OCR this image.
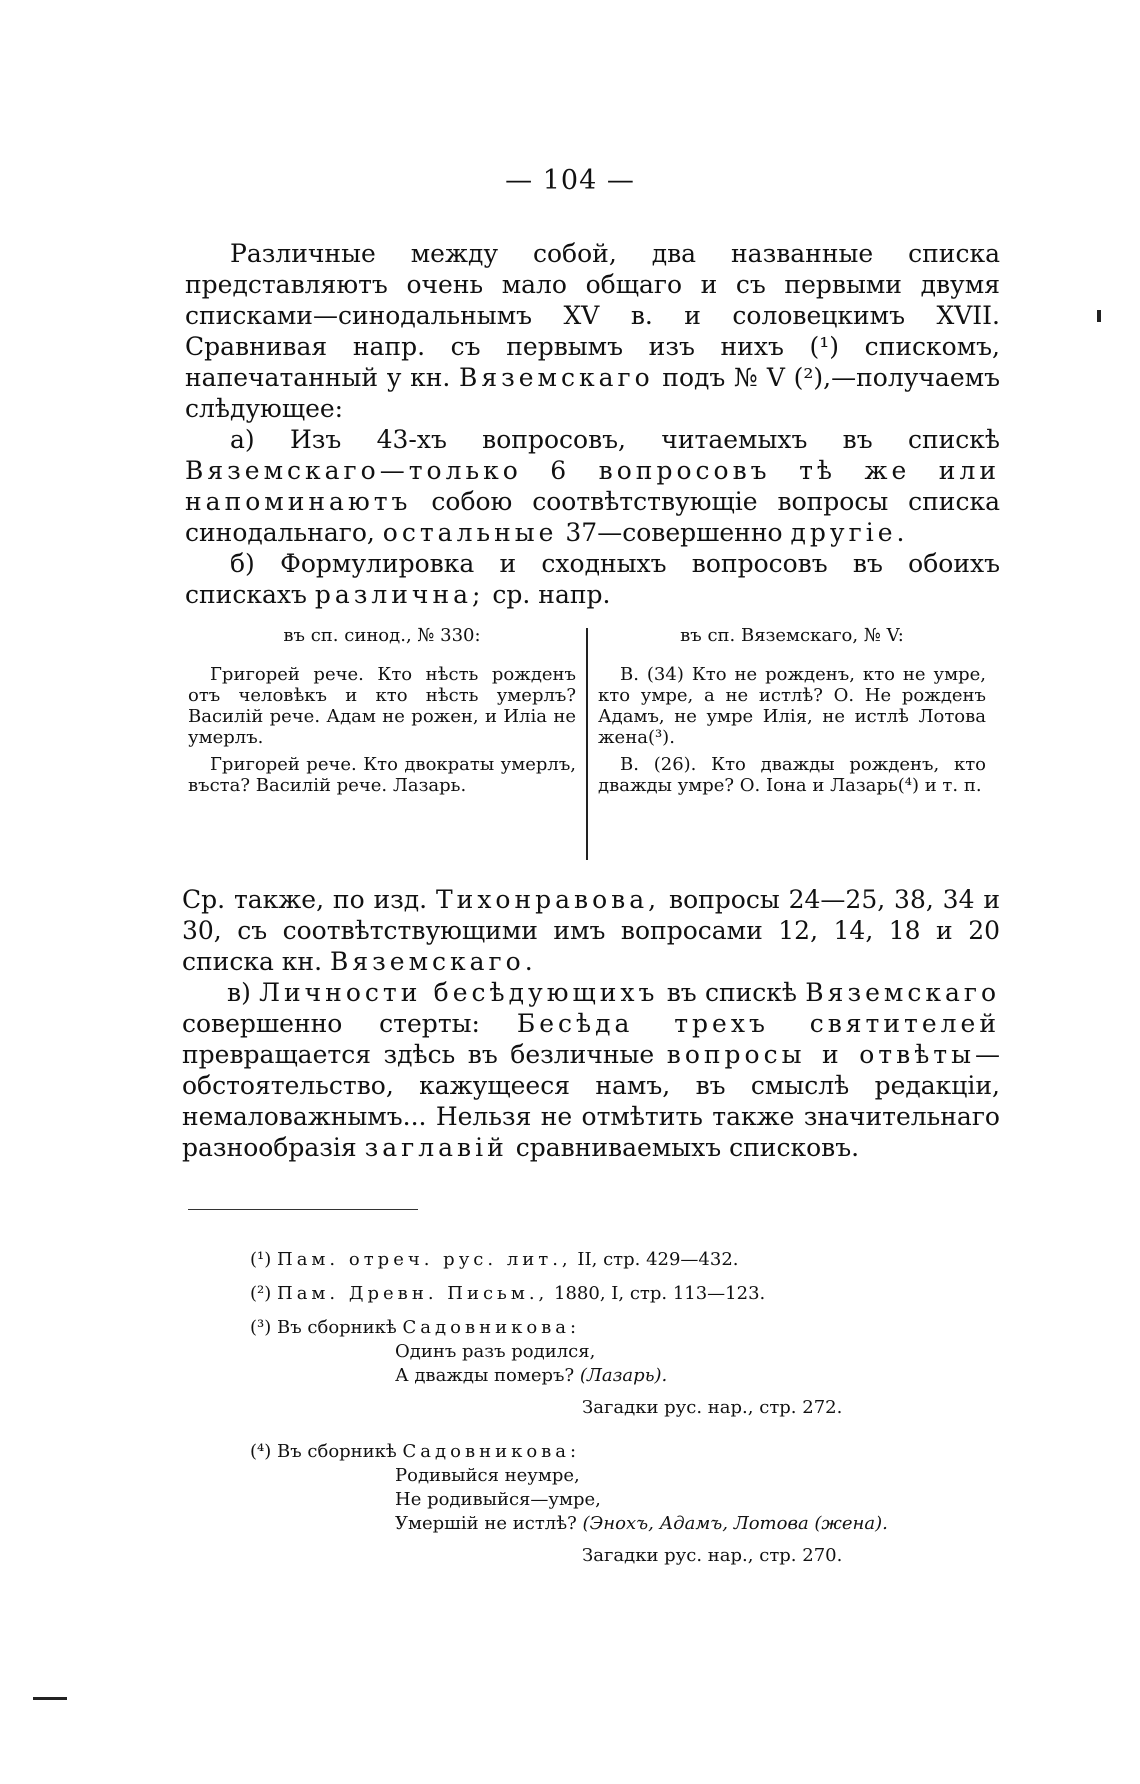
— 104 —

Различные между собой, два названные списка представляютъ очень мало общаго и съ первыми двумя списками—синодальнымъ XV в. и соловецкимъ XVII. Сравнивая напр. съ первымъ изъ нихъ (¹) спискомъ, напечатанный у кн. Вяземскаго подъ № V (²),—получаемъ слѣдующее:

а) Изъ 43-хъ вопросовъ, читаемыхъ въ спискѣ Вяземскаго—только 6 вопросовъ тѣ же или напоминаютъ собою соотвѣтствующіе вопросы списка синодальнаго, остальные 37—совершенно другіе.

б) Формулировка и сходныхъ вопросовъ въ обоихъ спискахъ различна; ср. напр.

въ сп. синод., № 330:

Григорей рече. Кто нѣсть рожденъ отъ человѣкъ и кто нѣсть умерлъ? Василій рече. Адам не рожен, и Иліа не умерлъ.

Григорей рече. Кто двократы умерлъ, въста? Василій рече. Лазарь.

въ сп. Вяземскаго, № V:

В. (34) Кто не рожденъ, кто не умре, кто умре, а не истлѣ? О. Не рожденъ Адамъ, не умре Илія, не истлѣ Лотова жена(³).

В. (26). Кто дважды рожденъ, кто дважды умре? О. Іона и Лазарь(⁴) и т. п.

Ср. также, по изд. Тихонравова, вопросы 24—25, 38, 34 и 30, съ соотвѣтствующими имъ вопросами 12, 14, 18 и 20 списка кн. Вяземскаго.

в) Личности бесѣдующихъ въ спискѣ Вяземскаго совершенно стерты: Бесѣда трехъ святителей превращается здѣсь въ безличные вопросы и отвѣты—обстоятельство, кажущееся намъ, въ смыслѣ редакціи, немаловажнымъ... Нельзя не отмѣтить также значительнаго разнообразія заглавій сравниваемыхъ списковъ.

(¹) Пам. отреч. рус. лит., II, стр. 429—432.
(²) Пам. Древн. Письм., 1880, I, стр. 113—123.
(³) Въ сборникѣ Садовникова:
Одинъ разъ родился,
А дважды померъ? (Лазарь).
Загадки рус. нар., стр. 272.
(⁴) Въ сборникѣ Садовникова:
Родивыйся неумре,
Не родивыйся—умре,
Умершій не истлѣ? (Энохъ, Адамъ, Лотова (жена).
Загадки рус. нар., стр. 270.
